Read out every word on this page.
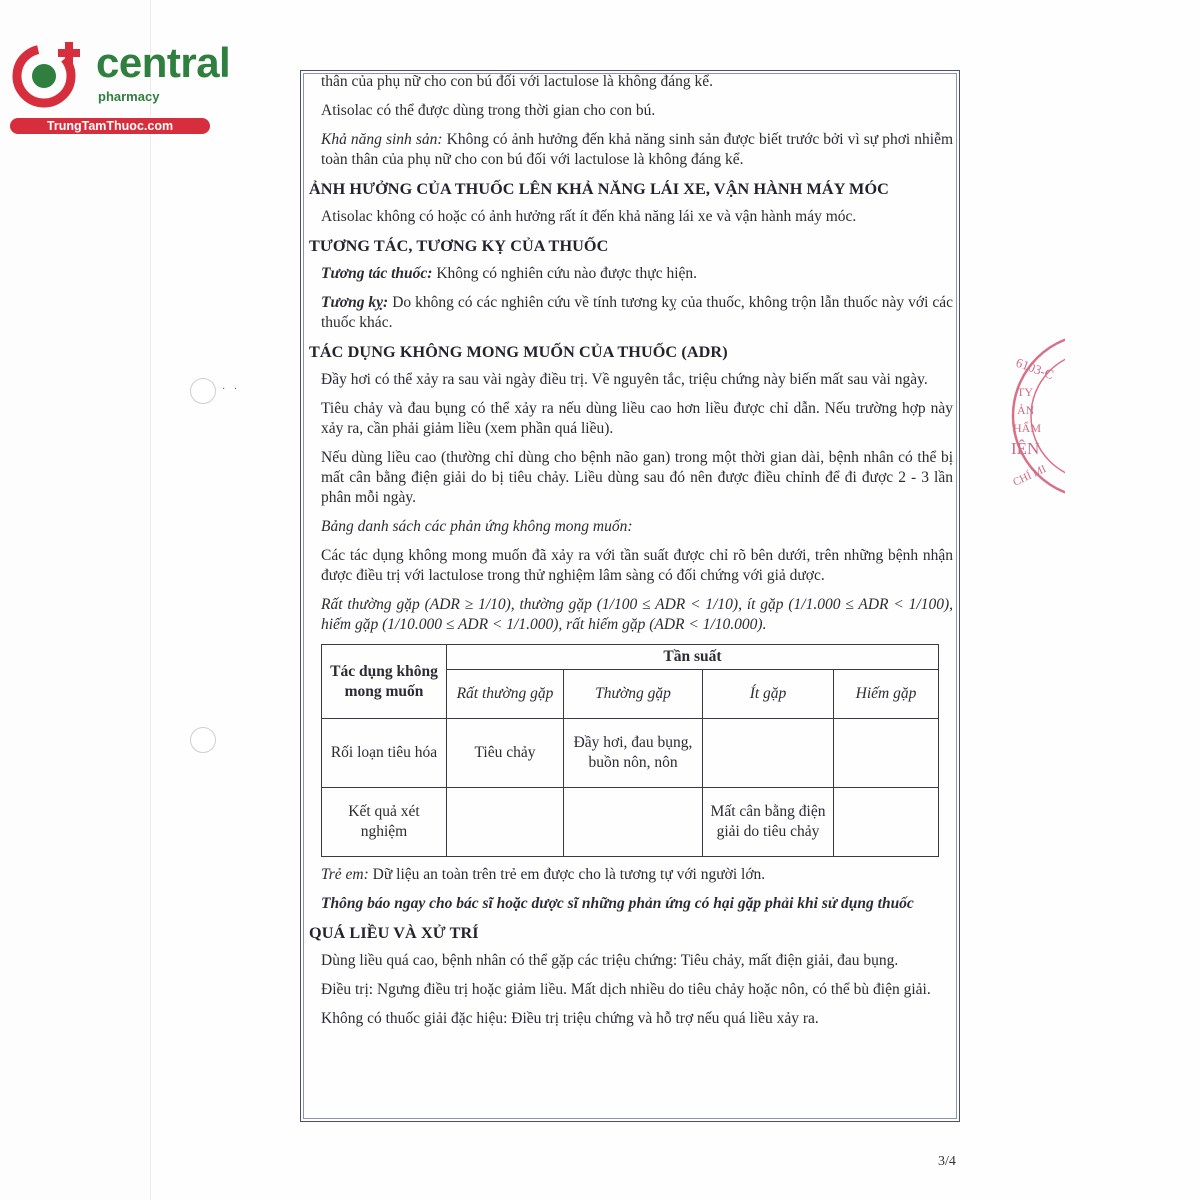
central
pharmacy
TrungTamThuoc.com
· ·
6103-C
TY
ẢN
HẨM
IÊN
CHÍ MI

thân của phụ nữ cho con bú đối với lactulose là không đáng kể.

Atisolac có thể được dùng trong thời gian cho con bú.

Khả năng sinh sản: Không có ảnh hưởng đến khả năng sinh sản được biết trước bởi vì sự phơi nhiễm toàn thân của phụ nữ cho con bú đối với lactulose là không đáng kể.

ẢNH HƯỞNG CỦA THUỐC LÊN KHẢ NĂNG LÁI XE, VẬN HÀNH MÁY MÓC

Atisolac không có hoặc có ảnh hưởng rất ít đến khả năng lái xe và vận hành máy móc.

TƯƠNG TÁC, TƯƠNG KỴ CỦA THUỐC

Tương tác thuốc: Không có nghiên cứu nào được thực hiện.

Tương kỵ: Do không có các nghiên cứu về tính tương kỵ của thuốc, không trộn lẫn thuốc này với các thuốc khác.

TÁC DỤNG KHÔNG MONG MUỐN CỦA THUỐC (ADR)

Đầy hơi có thể xảy ra sau vài ngày điều trị. Về nguyên tắc, triệu chứng này biến mất sau vài ngày.

Tiêu chảy và đau bụng có thể xảy ra nếu dùng liều cao hơn liều được chỉ dẫn. Nếu trường hợp này xảy ra, cần phải giảm liều (xem phần quá liều).

Nếu dùng liều cao (thường chỉ dùng cho bệnh não gan) trong một thời gian dài, bệnh nhân có thể bị mất cân bằng điện giải do bị tiêu chảy. Liều dùng sau đó nên được điều chỉnh để đi được 2 - 3 lần phân mỗi ngày.

Bảng danh sách các phản ứng không mong muốn:

Các tác dụng không mong muốn đã xảy ra với tần suất được chỉ rõ bên dưới, trên những bệnh nhận được điều trị với lactulose trong thử nghiệm lâm sàng có đối chứng với giả dược.

Rất thường gặp (ADR ≥ 1/10), thường gặp (1/100 ≤ ADR < 1/10), ít gặp (1/1.000 ≤ ADR < 1/100), hiếm gặp (1/10.000 ≤ ADR < 1/1.000), rất hiếm gặp (ADR < 1/10.000).

Tác dụng không mong muốn	Tần suất			
	Rất thường gặp	Thường gặp	Ít gặp	Hiếm gặp
Rối loạn tiêu hóa	Tiêu chảy	Đầy hơi, đau bụng, buồn nôn, nôn		
Kết quả xét nghiệm			Mất cân bằng điện giải do tiêu chảy	

Trẻ em: Dữ liệu an toàn trên trẻ em được cho là tương tự với người lớn.

Thông báo ngay cho bác sĩ hoặc dược sĩ những phản ứng có hại gặp phải khi sử dụng thuốc

QUÁ LIỀU VÀ XỬ TRÍ

Dùng liều quá cao, bệnh nhân có thể gặp các triệu chứng: Tiêu chảy, mất điện giải, đau bụng.

Điều trị: Ngưng điều trị hoặc giảm liều. Mất dịch nhiều do tiêu chảy hoặc nôn, có thể bù điện giải.

Không có thuốc giải đặc hiệu: Điều trị triệu chứng và hỗ trợ nếu quá liều xảy ra.

3/4
